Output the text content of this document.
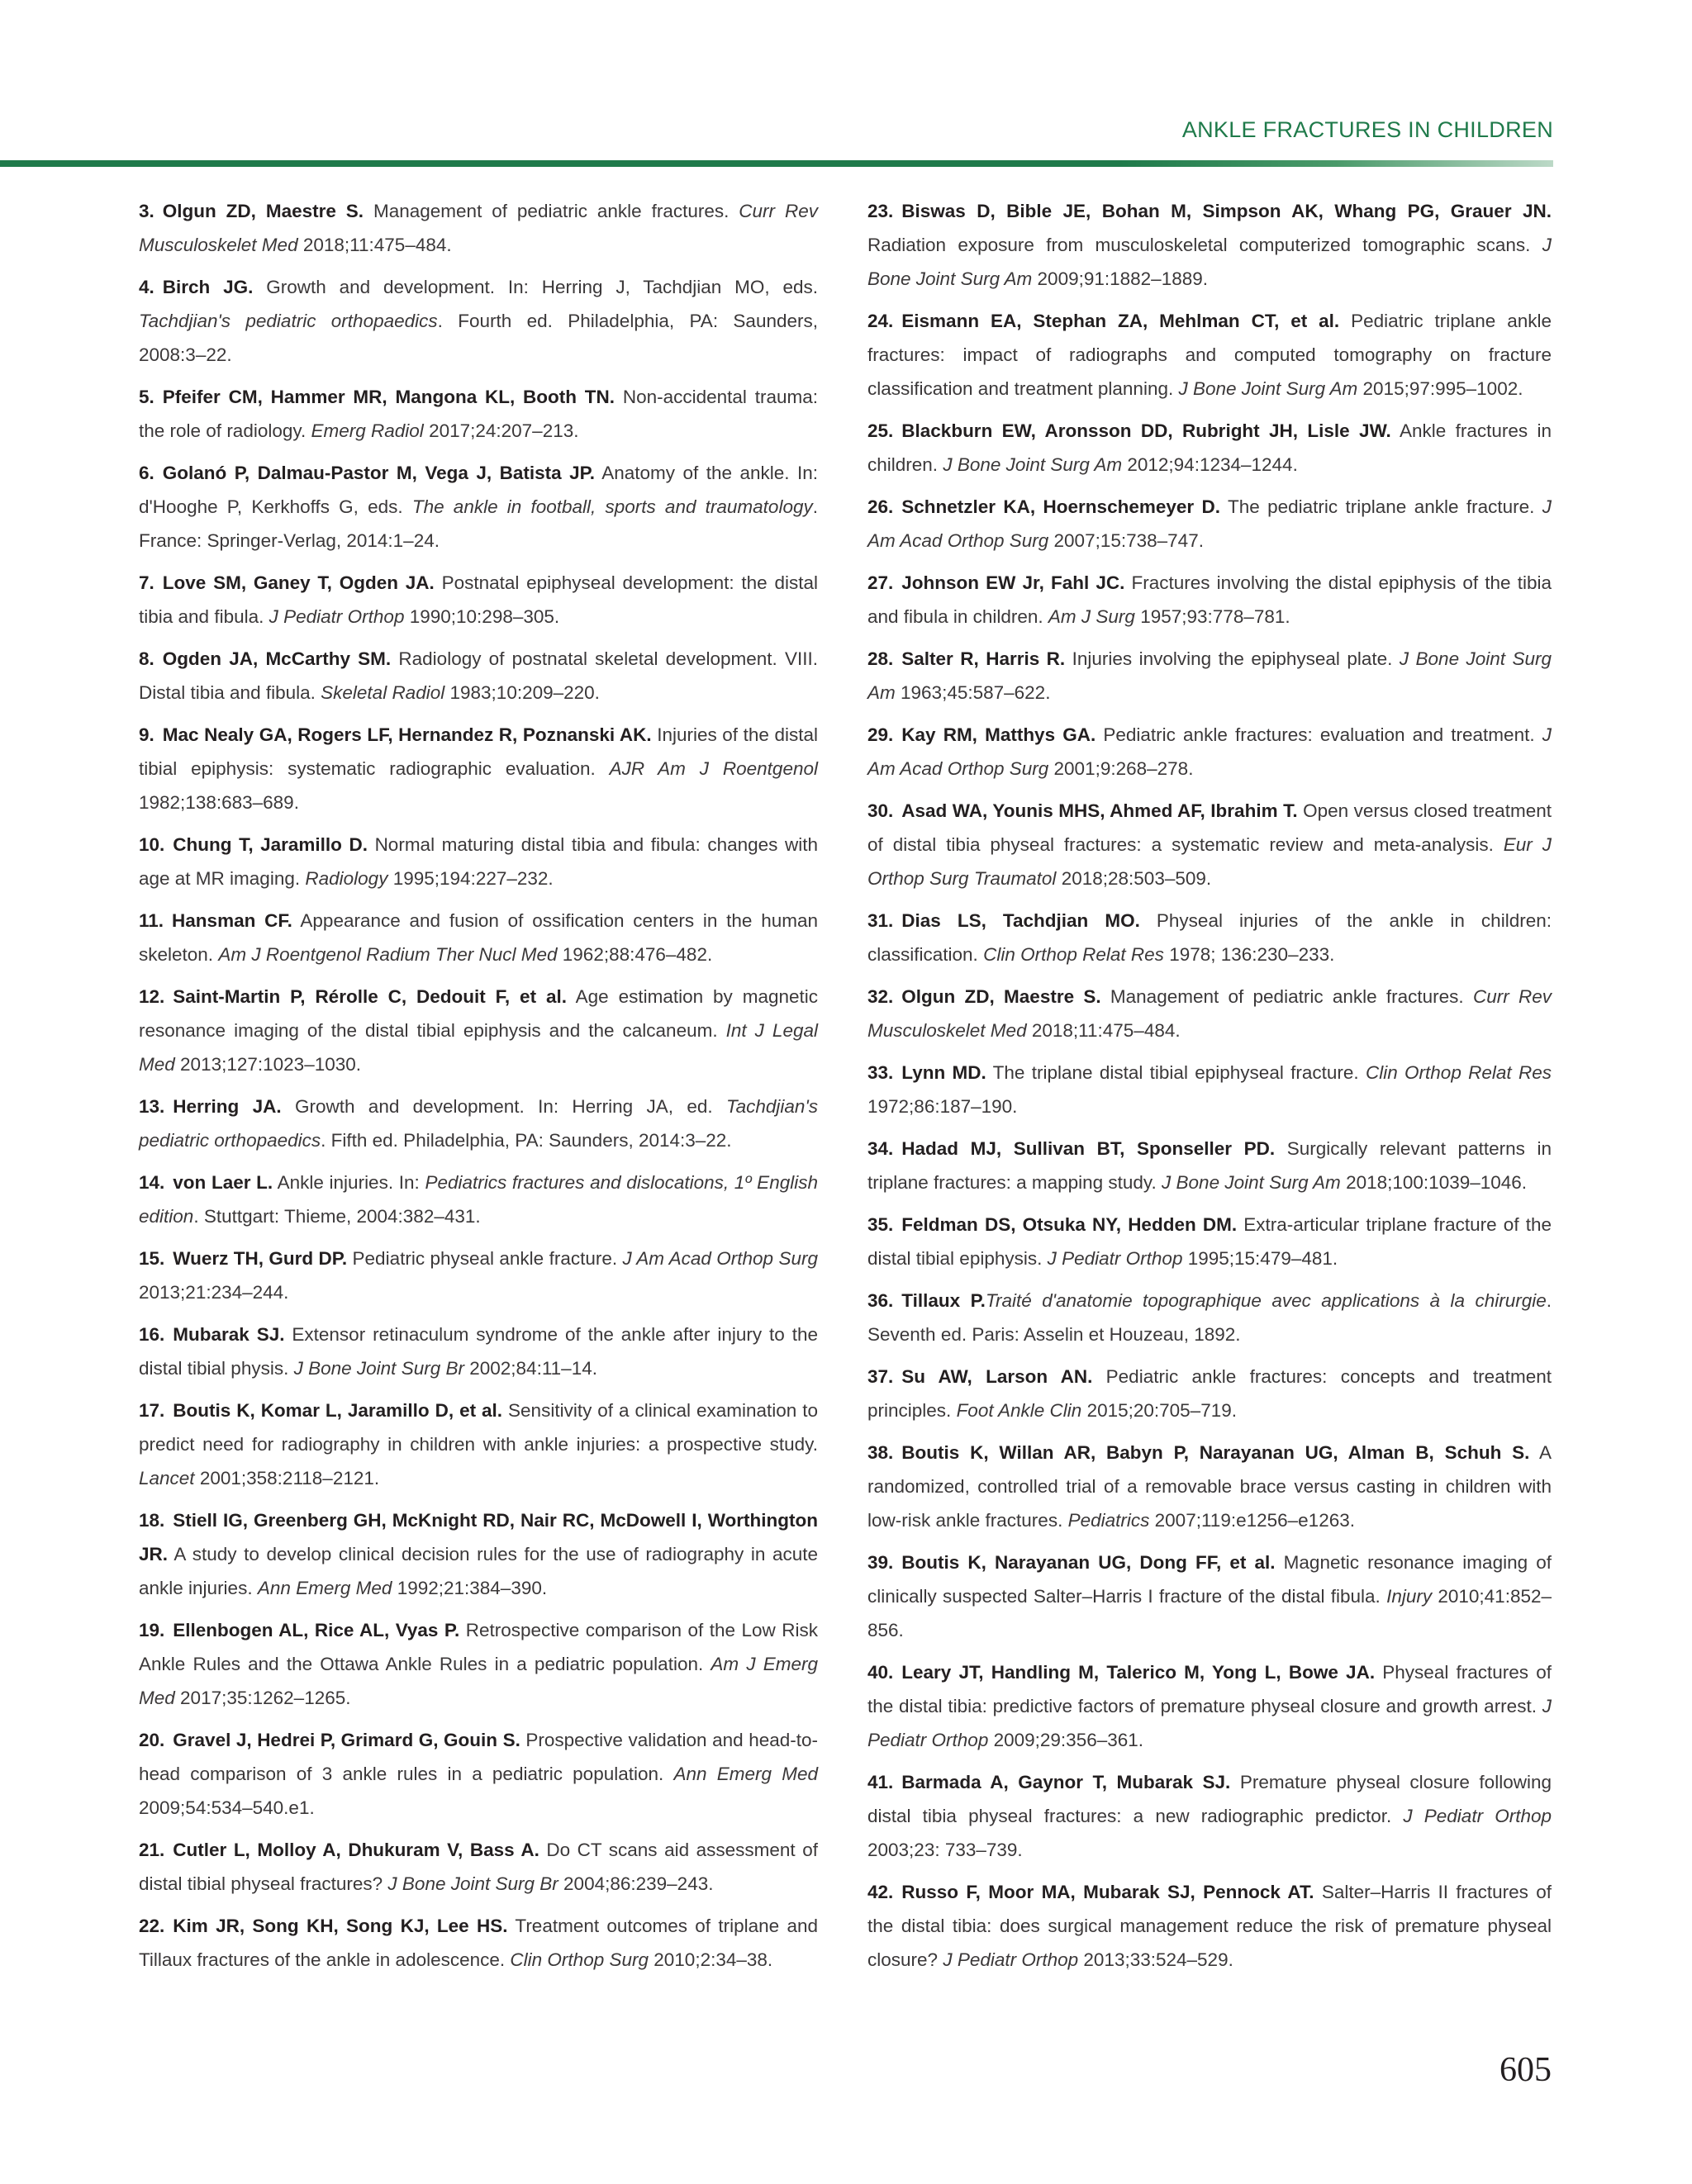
ANKLE FRACTURES IN CHILDREN

3. Olgun ZD, Maestre S. Management of pediatric ankle fractures. Curr Rev Musculoskelet Med 2018;11:475–484.

4. Birch JG. Growth and development. In: Herring J, Tachdjian MO, eds. Tachdjian's pediatric orthopaedics. Fourth ed. Philadelphia, PA: Saunders, 2008:3–22.

5. Pfeifer CM, Hammer MR, Mangona KL, Booth TN. Non-accidental trauma: the role of radiology. Emerg Radiol 2017;24:207–213.

6. Golanó P, Dalmau-Pastor M, Vega J, Batista JP. Anatomy of the ankle. In: d'Hooghe P, Kerkhoffs G, eds. The ankle in football, sports and traumatology. France: Springer-Verlag, 2014:1–24.

7. Love SM, Ganey T, Ogden JA. Postnatal epiphyseal development: the distal tibia and fibula. J Pediatr Orthop 1990;10:298–305.

8. Ogden JA, McCarthy SM. Radiology of postnatal skeletal development. VIII. Distal tibia and fibula. Skeletal Radiol 1983;10:209–220.

9. Mac Nealy GA, Rogers LF, Hernandez R, Poznanski AK. Injuries of the distal tibial epiphysis: systematic radiographic evaluation. AJR Am J Roentgenol 1982;138:683–689.

10. Chung T, Jaramillo D. Normal maturing distal tibia and fibula: changes with age at MR imaging. Radiology 1995;194:227–232.

11. Hansman CF. Appearance and fusion of ossification centers in the human skeleton. Am J Roentgenol Radium Ther Nucl Med 1962;88:476–482.

12. Saint-Martin P, Rérolle C, Dedouit F, et al. Age estimation by magnetic resonance imaging of the distal tibial epiphysis and the calcaneum. Int J Legal Med 2013;127:1023–1030.

13. Herring JA. Growth and development. In: Herring JA, ed. Tachdjian's pediatric orthopaedics. Fifth ed. Philadelphia, PA: Saunders, 2014:3–22.

14. von Laer L. Ankle injuries. In: Pediatrics fractures and dislocations, 1º English edition. Stuttgart: Thieme, 2004:382–431.

15. Wuerz TH, Gurd DP. Pediatric physeal ankle fracture. J Am Acad Orthop Surg 2013;21:234–244.

16. Mubarak SJ. Extensor retinaculum syndrome of the ankle after injury to the distal tibial physis. J Bone Joint Surg Br 2002;84:11–14.

17. Boutis K, Komar L, Jaramillo D, et al. Sensitivity of a clinical examination to predict need for radiography in children with ankle injuries: a prospective study. Lancet 2001;358:2118–2121.

18. Stiell IG, Greenberg GH, McKnight RD, Nair RC, McDowell I, Worthington JR. A study to develop clinical decision rules for the use of radiography in acute ankle injuries. Ann Emerg Med 1992;21:384–390.

19. Ellenbogen AL, Rice AL, Vyas P. Retrospective comparison of the Low Risk Ankle Rules and the Ottawa Ankle Rules in a pediatric population. Am J Emerg Med 2017;35:1262–1265.

20. Gravel J, Hedrei P, Grimard G, Gouin S. Prospective validation and head-to-head comparison of 3 ankle rules in a pediatric population. Ann Emerg Med 2009;54:534–540.e1.

21. Cutler L, Molloy A, Dhukuram V, Bass A. Do CT scans aid assessment of distal tibial physeal fractures? J Bone Joint Surg Br 2004;86:239–243.

22. Kim JR, Song KH, Song KJ, Lee HS. Treatment outcomes of triplane and Tillaux fractures of the ankle in adolescence. Clin Orthop Surg 2010;2:34–38.

23. Biswas D, Bible JE, Bohan M, Simpson AK, Whang PG, Grauer JN. Radiation exposure from musculoskeletal computerized tomographic scans. J Bone Joint Surg Am 2009;91:1882–1889.

24. Eismann EA, Stephan ZA, Mehlman CT, et al. Pediatric triplane ankle fractures: impact of radiographs and computed tomography on fracture classification and treatment planning. J Bone Joint Surg Am 2015;97:995–1002.

25. Blackburn EW, Aronsson DD, Rubright JH, Lisle JW. Ankle fractures in children. J Bone Joint Surg Am 2012;94:1234–1244.

26. Schnetzler KA, Hoernschemeyer D. The pediatric triplane ankle fracture. J Am Acad Orthop Surg 2007;15:738–747.

27. Johnson EW Jr, Fahl JC. Fractures involving the distal epiphysis of the tibia and fibula in children. Am J Surg 1957;93:778–781.

28. Salter R, Harris R. Injuries involving the epiphyseal plate. J Bone Joint Surg Am 1963;45:587–622.

29. Kay RM, Matthys GA. Pediatric ankle fractures: evaluation and treatment. J Am Acad Orthop Surg 2001;9:268–278.

30. Asad WA, Younis MHS, Ahmed AF, Ibrahim T. Open versus closed treatment of distal tibia physeal fractures: a systematic review and meta-analysis. Eur J Orthop Surg Traumatol 2018;28:503–509.

31. Dias LS, Tachdjian MO. Physeal injuries of the ankle in children: classification. Clin Orthop Relat Res 1978; 136:230–233.

32. Olgun ZD, Maestre S. Management of pediatric ankle fractures. Curr Rev Musculoskelet Med 2018;11:475–484.

33. Lynn MD. The triplane distal tibial epiphyseal fracture. Clin Orthop Relat Res 1972;86:187–190.

34. Hadad MJ, Sullivan BT, Sponseller PD. Surgically relevant patterns in triplane fractures: a mapping study. J Bone Joint Surg Am 2018;100:1039–1046.

35. Feldman DS, Otsuka NY, Hedden DM. Extra-articular triplane fracture of the distal tibial epiphysis. J Pediatr Orthop 1995;15:479–481.

36. Tillaux P.Traité d'anatomie topographique avec applications à la chirurgie. Seventh ed. Paris: Asselin et Houzeau, 1892.

37. Su AW, Larson AN. Pediatric ankle fractures: concepts and treatment principles. Foot Ankle Clin 2015;20:705–719.

38. Boutis K, Willan AR, Babyn P, Narayanan UG, Alman B, Schuh S. A randomized, controlled trial of a removable brace versus casting in children with low-risk ankle fractures. Pediatrics 2007;119:e1256–e1263.

39. Boutis K, Narayanan UG, Dong FF, et al. Magnetic resonance imaging of clinically suspected Salter–Harris I fracture of the distal fibula. Injury 2010;41:852–856.

40. Leary JT, Handling M, Talerico M, Yong L, Bowe JA. Physeal fractures of the distal tibia: predictive factors of premature physeal closure and growth arrest. J Pediatr Orthop 2009;29:356–361.

41. Barmada A, Gaynor T, Mubarak SJ. Premature physeal closure following distal tibia physeal fractures: a new radiographic predictor. J Pediatr Orthop 2003;23: 733–739.

42. Russo F, Moor MA, Mubarak SJ, Pennock AT. Salter–Harris II fractures of the distal tibia: does surgical management reduce the risk of premature physeal closure? J Pediatr Orthop 2013;33:524–529.

605
